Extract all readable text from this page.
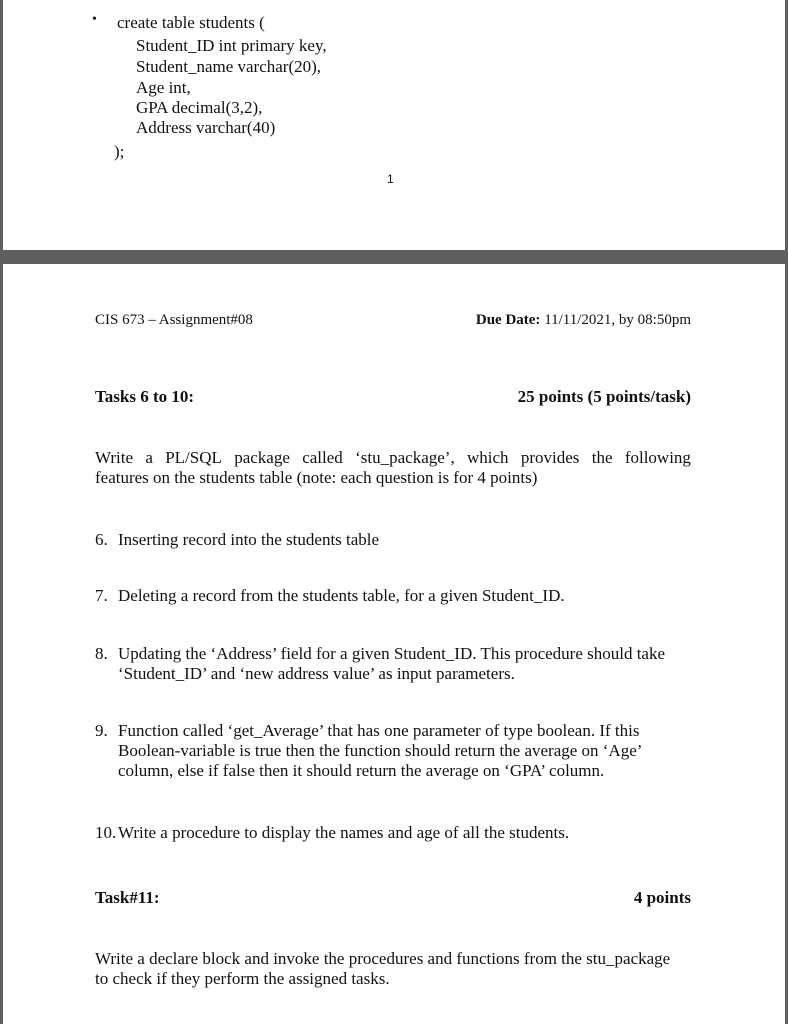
• create table students (
Student_ID int primary key,
Student_name varchar(20),
Age int,
GPA decimal(3,2),
Address varchar(40)
);
1
CIS 673 – Assignment#08	Due Date: 11/11/2021, by 08:50pm
Tasks 6 to 10:	25 points (5 points/task)
Write a PL/SQL package called ‘stu_package’, which provides the following
features on the students table (note: each question is for 4 points)
6. Inserting record into the students table
7. Deleting a record from the students table, for a given Student_ID.
8. Updating the ‘Address’ field for a given Student_ID. This procedure should take
‘Student_ID’ and ‘new address value’ as input parameters.
9. Function called ‘get_Average’ that has one parameter of type boolean. If this
Boolean-variable is true then the function should return the average on ‘Age’
column, else if false then it should return the average on ‘GPA’ column.
10. Write a procedure to display the names and age of all the students.
Task#11:	4 points
Write a declare block and invoke the procedures and functions from the stu_package
to check if they perform the assigned tasks.
